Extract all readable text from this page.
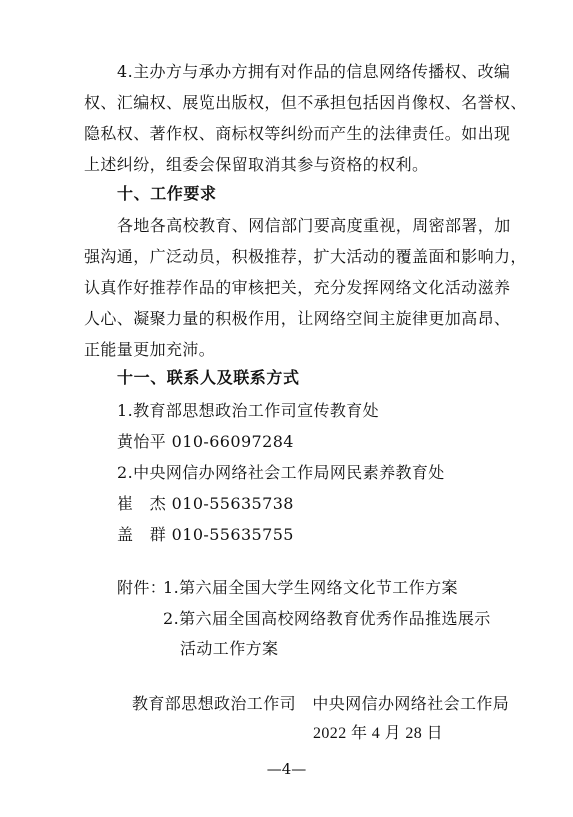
4.主办方与承办方拥有对作品的信息网络传播权、改编
权、汇编权、展览出版权，但不承担包括因肖像权、名誉权、
隐私权、著作权、商标权等纠纷而产生的法律责任。如出现
上述纠纷，组委会保留取消其参与资格的权利。
十、工作要求
各地各高校教育、网信部门要高度重视，周密部署，加
强沟通，广泛动员，积极推荐，扩大活动的覆盖面和影响力，
认真作好推荐作品的审核把关，充分发挥网络文化活动滋养
人心、凝聚力量的积极作用，让网络空间主旋律更加高昂、
正能量更加充沛。
十一、联系人及联系方式
1.教育部思想政治工作司宣传教育处
黄怡平 010-66097284
2.中央网信办网络社会工作局网民素养教育处
崔　杰 010-55635738
盖　群 010-55635755
附件：
1.第六届全国大学生网络文化节工作方案
2.第六届全国高校网络教育优秀作品推选展示
活动工作方案
教育部思想政治工作司　中央网信办网络社会工作局
2022 年 4 月 28 日
—4—
